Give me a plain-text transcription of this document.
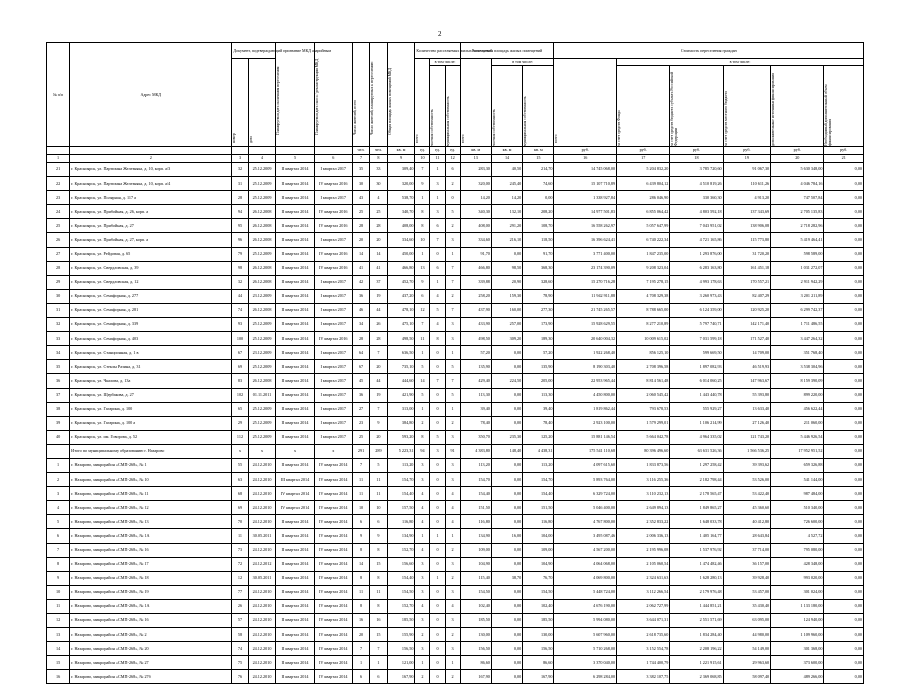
2
№ п/п	Адрес МКД	Документ, подтверждающий признание МКД аварийным		Планируемая дата окончания переселения	Планируемая дата сноса / реконструкции МКД	Число жителей, всего	Число жителей, планируемых к переселению	Общая площадь жилых помещений МКД	Количество расселяемых жилых помещений			Расселяемая площадь жилых помещений			Стоимость переселения граждан					

		номер	дата						всего	в том числе:		всего	в том числе:		всего	в том числе:				

										частная собственность	муниципальная собственность		частная собственность	муниципальная собственность		за счет средств Фонда	за счет средств бюджета субъекта Российской Федерации	за счет средств местного бюджета	дополнительные источники финансирования	Необходимый дополнительный объем финансирования

						чел.	чел.	кв. м	ед.	ед.	ед.	кв. м	кв. м	кв. м	руб.	руб.	руб.	руб.	руб.	руб.
1	2	3	4	5	6	7	8	9	10	11	12	13	14	15	16	17	18	19	20	21
21	г. Красноярск, ул. Партизана Железняка, д. 10, корп. а/3	32	25.12.2009	II квартал 2014	I квартал 2017	35	33	309,40	7	1	6	283,30	40,50	214,70	14 745 068,00	5 204 832,20	3 785 720,60	91 067,30	5 630 348,00	0,00
22	г. Красноярск, ул. Партизана Железняка, д. 10, корп. а/4	31	25.12.2009	II квартал 2014	IV квартал 2016	30	30	320,00	9	3	2	320,00	245,40	74,60	15 107 710,89	6 439 804,12	4 510 819,26	110 611,26	4 046 784,16	0,00
23	г. Красноярск, ул. Полярная, д. 117 а	28	25.12.2009	II квартал 2014	I квартал 2017	43	4	538,70	1	1	0	14,20	14,20	0,00	1 338 927,84	286 046,90	330 360,30	4 913,20	747 507,84	0,00
24	г. Красноярск, ул. Прибойная, д. 26, корп. а	94	26.12.2008	II квартал 2014	IV квартал 2016	25	25	340,70	8	3	5	340,30	132,10	208,20	14 977 501,83	6 855 064,42	4 803 592,18	137 343,69	2 705 135,83	0,00
25	г. Красноярск, ул. Прибойная, д. 27	95	26.12.2008	II квартал 2014	IV квартал 2016	28	28	408,00	8	6	2	408,00	291,20	108,70	16 558 262,97	5 057 647,99	7 043 951,02	138 906,08	2 718 282,96	0,00
26	г. Красноярск, ул. Прибойная, д. 27, корп. а	96	26.12.2008	II квартал 2014	I квартал 2017	20	20	334,60	10	7	3	334,60	216,10	118,50	16 396 624,41	6 740 222,34	4 721 165,86	115 773,80	5 419 464,41	0,00
27	г. Красноярск, ул. Рейдовая, д. 65	79	25.12.2009	II квартал 2014	IV квартал 2016	14	14	450,00	1	0	1	91,70	0,00	91,70	3 771 400,00	1 847 235,00	1 293 876,00	31 720,20	598 589,00	0,00
28	г. Красноярск, ул. Свердловская, д. 39	98	26.12.2008	II квартал 2014	IV квартал 2016	41	41	466,80	13	6	7	466,80	98,50	368,30	23 174 390,09	9 208 323,04	6 283 163,80	161 451,18	1 031 272,07	0,00
29	г. Красноярск, ул. Свердловская, д. 12	32	26.12.2008	II квартал 2014	I квартал 2017	42	37	452,70	9	1	7	339,88	20,90	328,60	15 270 716,28	7 195 278,15	4 993 178,63	170 557,21	2 911 942,29	0,00
30	г. Красноярск, ул. Семафорная, д. 277	44	23.12.2009	II квартал 2014	I квартал 2017	36	19	437,20	6	4	2	258,20	159,30	78,90	11 942 911,88	4 708 329,38	3 260 973,43	82 407,29	3 201 211,89	0,00
31	г. Красноярск, ул. Семафорная, д. 281	74	26.12.2008	II квартал 2014	I квартал 2017	46	44	478,10	12	5	7	437,90	160,00	277,30	21 745 265,57	8 788 665,00	6 124 359,00	120 925,20	6 299 742,37	0,00
32	г. Красноярск, ул. Семафорная, д. 339	93	25.12.2009	II квартал 2014	I квартал 2017	34	26	475,10	7	4	3	433,90	257,00	173,90	15 928 629,55	8 277 210,89	5 797 740,71	142 171,40	1 711 486,55	0,00
33	г. Красноярск, ул. Семафорная, д. 403	100	25.12.2009	II квартал 2014	IV квартал 2016	28	28	498,50	11	8	3	498,50	309,20	189,30	20 640 004,32	10 009 615,02	7 031 599,18	171 527,40	3 447 264,32	0,00
34	г. Красноярск, ул. Станционная, д. 1 в	67	23.12.2009	II квартал 2014	I квартал 2017	64	7	636,50	1	0	1	57,20	0,00	57,20	1 922 268,40	856 125,10	599 669,50	14 709,00	351 768,40	0,00
35	г. Красноярск, ул. Стеклы Разина, д. 31	69	25.12.2009	II квартал 2014	I квартал 2017	67	20	735,10	5	0	5	135,90	0,00	135,90	8 190 303,40	2 708 396,58	1 897 082,93	46 519,93	3 538 304,96	0,00
36	г. Красноярск, ул. Чкалова, д. 13а	83	26.12.2008	II квартал 2014	I квартал 2017	45	44	444,60	14	7	7	429,40	224,50	205,00	22 953 965,44	8 814 561,48	6 014 060,25	147 963,67	8 159 390,09	0,00
37	г. Красноярск, ул. Щербакова, д. 27	102	01.11.2011	II квартал 2014	I квартал 2017	36	19	421,90	5	0	5	113,30	0,00	113,30	4 450 800,00	2 060 545,42	1 443 440,78	55 393,80	899 220,00	0,00
38	г. Красноярск, ул. Гагарина, д. 100	65	25.12.2009	II квартал 2014	I квартал 2017	27	7	313,00	1	0	1	39,40	0,00	39,40	1 819 862,44	793 678,53	555 929,27	13 633,40	456 622,44	0,00
39	г. Красноярск, ул. Гагарина, д. 100 а	29	25.12.2009	II квартал 2014	I квартал 2017	23	9	384,80	2	0	2	78,40	0,00	78,40	2 923 100,00	1 579 299,01	1 106 214,99	27 126,40	211 060,00	0,00
40	г. Красноярск, ул. им. Говорова, д. 52	112	25.12.2009	II квартал 2014	I квартал 2017	25	20	593,20	8	5	3	350,70	235,30	125,20	15 881 146,54	5 664 042,78	4 964 335,02	121 743,20	5 446 926,54	0,00
	Итого по муниципальному образованию г. Назарово	х	х	х	х	291	289	5 223,31	94	3	91	4 383,80	148,40	4 438,31	175 541 110,68	80 396 496,60	63 631 526,36	1 566 536,25	17 952 951,52	0,00
1	г. Назарово, микрорайон «СМП-268», № 1	55	24.12.2010	II квартал 2014	IV квартал 2014	7	5	113,20	3	0	3	113,20	0,00	113,20	4 097 615,60	1 833 873,56	1 297 258,42	39 393,62	659 326,88	0,00
2	г. Назарово, микрорайон «СМП-268», № 10	63	24.12.2010	III квартал 2014	IV квартал 2014	11	11	154,70	3	0	3	154,70	0,00	154,70	5 893 764,00	3 116 255,36	2 182 798,44	53 526,00	541 144,00	0,00
3	г. Назарово, микрорайон «СМП-268», № 11	68	24.12.2010	IV квартал 2014	IV квартал 2014	11	11	154,40	4	0	4	154,40	0,00	154,40	6 329 724,00	3 110 232,13	2 178 565,47	53 422,40	987 484,00	0,00
4	г. Назарово, микрорайон «СМП-268», № 12	69	24.12.2010	IV квартал 2014	IV квартал 2014	10	10	157,50	4	0	4	151,50	0,00	151,50	5 046 400,00	2 649 894,13	1 849 865,27	45 360,60	510 340,00	0,00
5	г. Назарово, микрорайон «СМП-268», № 13	70	24.12.2010	II квартал 2014	IV квартал 2014	6	6	116,80	4	0	4	116,80	0,00	116,80	4 767 800,00	2 352 833,22	1 648 033,78	40 412,80	726 600,00	0,00
6	г. Назарово, микрорайон «СМП-268», № 1А	11	30.05.2011	II квартал 2014	IV квартал 2014	9	9	134,90	1	1	1	134,90	16,00	104,00	3 495 087,46	2 006 336,13	1 405 164,77	28 643,84	4 527,72	0,00
7	г. Назарово, микрорайон «СМП-268», № 16	73	24.12.2010	II квартал 2014	IV квартал 2014	8	8	152,70	4	0	2	109,00	0,00	109,00	4 567 200,00	2 195 996,08	1 537 976,92	37 714,00	795 080,00	0,00
8	г. Назарово, микрорайон «СМП-268», № 17	72	24.12.2012	II квартал 2014	IV квартал 2014	14	15	156,60	3	0	3	104,90	0,00	104,90	4 064 068,00	2 105 060,54	1 474 482,46	36 157,00	428 348,00	0,00
9	г. Назарово, микрорайон «СМП-268», № 18	12	30.05.2011	II квартал 2014	IV квартал 2014	8	8	154,40	3	1	2	115,40	38,70	76,70	4 069 800,00	2 324 631,63	1 628 280,13	39 928,40	993 020,00	0,00
10	г. Назарово, микрорайон «СМП-268», № 19	77	24.12.2010	II квартал 2014	IV квартал 2014	11	11	154,50	3	0	3	154,50	0,00	154,50	5 448 724,00	3 112 266,54	2 179 976,48	53 457,00	301 024,00	0,00
11	г. Назарово, микрорайон «СМП-268», № 1А	26	24.12.2010	II квартал 2014	IV квартал 2014	8	8	152,70	4	0	4	102,40	0,00	102,40	4 676 190,00	2 062 727,99	1 444 851,21	35 430,40	1 133 180,00	0,00
12	г. Назарово, микрорайон «СМП-268», № 16	57	24.12.2010	II квартал 2014	IV квартал 2014	16	16	185,50	3	0	3	185,50	0,00	185,50	5 994 080,00	3 644 071,31	2 551 571,69	63 095,00	124 940,00	0,00
13	г. Назарово, микрорайон «СМП-268», № 2	58	24.12.2010	II квартал 2014	IV квартал 2014	20	15	155,90	2	0	2	130,00	0,00	130,00	5 607 960,00	2 618 735,60	1 834 284,40	44 980,00	1 109 960,00	0,00
14	г. Назарово, микрорайон «СМП-268», № 20	74	24.12.2010	II квартал 2014	IV квартал 2014	7	7	156,50	3	0	3	156,50	0,00	156,50	5 710 268,00	3 152 554,78	2 208 196,22	54 149,00	301 368,00	0,00
15	г. Назарово, микрорайон «СМП-268», № 27	75	24.12.2010	II квартал 2014	IV квартал 2014	1	1	121,00	1	0	1	86,60	0,00	86,60	3 370 040,00	1 744 400,79	1 221 915,61	29 963,60	373 600,00	0,00
16	г. Назарово, микрорайон «СМП-268», № 27б	76	24.12.2010	II квартал 2014	IV квартал 2014	6	6	167,90	2	0	2	167,90	0,00	167,90	6 298 284,00	3 382 107,75	2 369 068,85	58 097,40	489 266,00	0,00
